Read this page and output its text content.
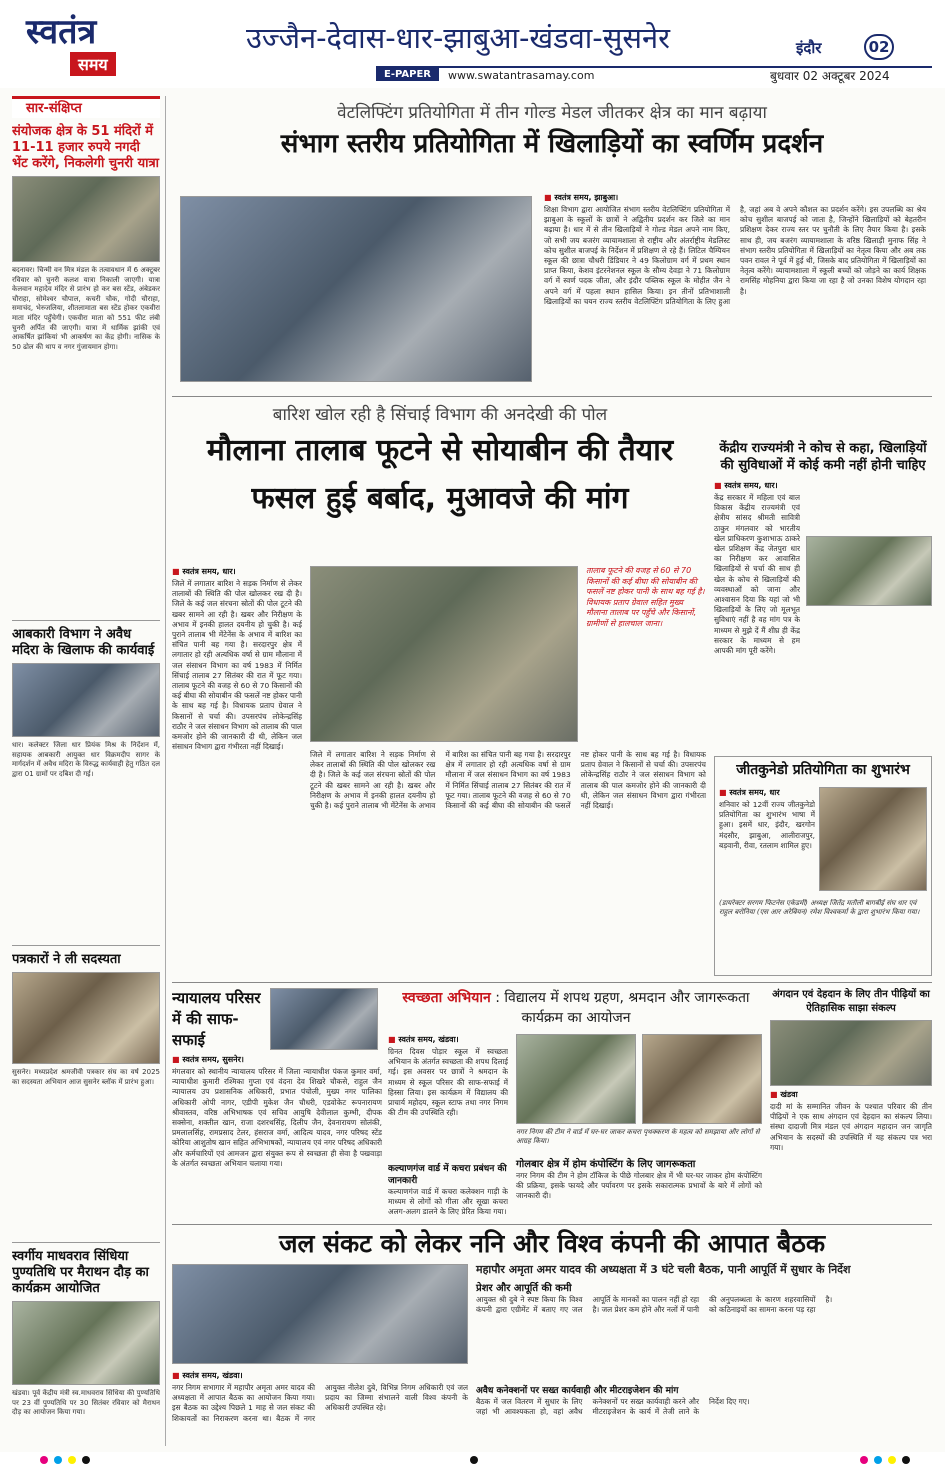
स्वतंत्र
समय
उज्जैन-देवास-धार-झाबुआ-खंडवा-सुसनेर	इंदौर	02
E-PAPER	www.swatantrasamay.com	बुधवार 02 अक्टूबर 2024
सार-संक्षिप्त
संयोजक क्षेत्र के 51 मंदिरों में 11-11 हजार रुपये नगदी भेंट करेंगे, निकलेगी चुनरी यात्रा
बदनावर। चिन्मी वन मित्र मंडल के तत्वावधान में 6 अक्टूबर रविवार को चुनरी कलश यात्रा निकाली जाएगी। यात्रा केलवान महादेव मंदिर से प्रारंभ हो कर बस स्टेंड, अंबेडकर चौराहा, सोमेश्वर चौपाल, कचरी चौक, गोदी चौराहा, समाचंद, भेरुजलिया, शीतलामाता बस स्टेंड होकर एकवीरा माता मंदिर पहुँचेगी। एकवीरा माता को 551 फीट लंबी चुनरी अर्पित की जाएगी। यात्रा में धार्मिक झांकी एवं आकर्षित झांकियां भी आकर्षण का केंद्र होगी। नासिक के 50 ढोल की थाप व नगर गुंजायमान होगा।
आबकारी विभाग ने अवैध मदिरा के खिलाफ की कार्यवाई
धार। कलेक्टर जिला धार प्रियंक मिश्र के निर्देशन में, सहायक आबकारी आयुक्त धार विक्रमदीप सागर के मार्गदर्शन में अवैध मदिरा के विरुद्ध कार्यवाही हेतु गठित दल द्वारा 01 ग्रामों पर दबिश दी गई।
पत्रकारों ने ली सदस्यता
सुसनेर। मध्यप्रदेश श्रमजीवी पत्रकार संघ का वर्ष 2025 का सदस्यता अभियान आज सुसनेर ब्लॉक में प्रारंभ हुआ।
स्वर्गीय माधवराव सिंधिया पुण्यतिथि पर मैराथन दौड़ का कार्यक्रम आयोजित
खंडवा। पूर्व केंद्रीय मंत्री स्व.माधवराव सिंधिया की पुण्यतिथि पर 23 वीं पुण्यतिथि पर 30 सितंबर रविवार को मैराथन दौड़ का आयोजन किया गया।
वेटलिफ्टिंग प्रतियोगिता में तीन गोल्ड मेडल जीतकर क्षेत्र का मान बढ़ाया
संभाग स्तरीय प्रतियोगिता में खिलाड़ियों का स्वर्णिम प्रदर्शन
■ स्वतंत्र समय, झाबुआ।
शिक्षा विभाग द्वारा आयोजित संभाग स्तरीय वेटलिफ्टिंग प्रतियोगिता में झाबुआ के स्कूलों के छात्रों ने अद्वितीय प्रदर्शन कर जिले का मान बढ़ाया है। धार में से तीन खिलाड़ियों ने गोल्ड मेडल अपने नाम किए, जो सभी जय बजरंग व्यायामशाला से राष्ट्रीय और अंतर्राष्ट्रीय मेडलिस्ट कोच सुशील बाजपई के निर्देशन में प्रशिक्षण ले रहे हैं। लिटिल चैम्पियन स्कूल की छात्रा चौधरी डिंडियार ने 49 किलोग्राम वर्ग में प्रथम स्थान प्राप्त किया, केशव इंटरनेशनल स्कूल के सौम्य देवड़ा ने 71 किलोग्राम वर्ग में स्वर्ण पदक जीता, और इंदौर पब्लिक स्कूल के मोहीत जैन ने अपने वर्ग में पहला स्थान हासिल किया। इन तीनों प्रतिभाशाली खिलाड़ियों का चयन राज्य स्तरीय वेटलिफ्टिंग प्रतियोगिता के लिए हुआ है, जहां अब वे अपने कौशल का प्रदर्शन करेंगे। इस उपलब्धि का श्रेय कोच सुशील बाजपई को जाता है, जिन्होंने खिलाड़ियों को बेहतरीन प्रशिक्षण देकर राज्य स्तर पर चुनौती के लिए तैयार किया है। इसके साथ ही, जय बजरंग व्यायामशाला के वरिष्ठ खिलाड़ी मुनाफ सिंह ने संभाग स्तरीय प्रतियोगिता में खिलाड़ियों का नेतृत्व किया और अब तक पवन रावल ने पूर्व में हुई थी, जिसके बाद प्रतियोगिता में खिलाड़ियों का नेतृत्व करेंगे। व्यायामशाला में स्कूली बच्चों को जोड़ने का कार्य शिक्षक रामसिंह मोहनिया द्वारा किया जा रहा है जो उनका विशेष योगदान रहा है।
बारिश खोल रही है सिंचाई विभाग की अनदेखी की पोल
मौलाना तालाब फूटने से सोयाबीन की तैयार फसल हुई बर्बाद, मुआवजे की मांग
■ स्वतंत्र समय, धार।
जिले में लगातार बारिश ने सड़क निर्माण से लेकर तालाबों की स्थिति की पोल खोलकर रख दी है। जिले के कई जल संरचना स्रोतों की पोल टूटने की खबर सामने आ रही है। खबर और निरीक्षण के अभाव में इनकी हालत दयनीय हो चुकी है। कई पुराने तालाब भी मेंटेनेंस के अभाव में बारिश का संचित पानी बह गया है। सरदारपुर क्षेत्र में लगातार हो रही अत्यधिक वर्षा से ग्राम मौलाना में जल संसाधन विभाग का वर्ष 1983 में निर्मित सिंचाई तालाब 27 सितंबर की रात में फूट गया। तालाब फूटने की वजह से 60 से 70 किसानों की कई बीघा की सोयाबीन की फसलें नष्ट होकर पानी के साथ बह गई है। विधायक प्रताप ग्रेवाल ने किसानों से चर्चा की। उपसरपंच लोकेन्द्रसिंह राठौर ने जल संसाधन विभाग को तालाब की पाल कमजोर होने की जानकारी दी थी, लेकिन जल संसाधन विभाग द्वारा गंभीरता नहीं दिखाई।
तालाब फूटने की वजह से 60 से 70 किसानों की कई बीघा की सोयाबीन की फसलें नष्ट होकर पानी के साथ बह गई है। विधायक प्रताप ग्रेवाल सहित मुख्य मौलाना तालाब पर पहुँचे और किसानों, ग्रामीणों से हालचाल जाना।
जिले में लगातार बारिश ने सड़क निर्माण से लेकर तालाबों की स्थिति की पोल खोलकर रख दी है। जिले के कई जल संरचना स्रोतों की पोल टूटने की खबर सामने आ रही है। खबर और निरीक्षण के अभाव में इनकी हालत दयनीय हो चुकी है। कई पुराने तालाब भी मेंटेनेंस के अभाव में बारिश का संचित पानी बह गया है। सरदारपुर क्षेत्र में लगातार हो रही अत्यधिक वर्षा से ग्राम मौलाना में जल संसाधन विभाग का वर्ष 1983 में निर्मित सिंचाई तालाब 27 सितंबर की रात में फूट गया। तालाब फूटने की वजह से 60 से 70 किसानों की कई बीघा की सोयाबीन की फसलें नष्ट होकर पानी के साथ बह गई है। विधायक प्रताप ग्रेवाल ने किसानों से चर्चा की। उपसरपंच लोकेन्द्रसिंह राठौर ने जल संसाधन विभाग को तालाब की पाल कमजोर होने की जानकारी दी थी, लेकिन जल संसाधन विभाग द्वारा गंभीरता नहीं दिखाई।
केंद्रीय राज्यमंत्री ने कोच से कहा, खिलाड़ियों की सुविधाओं में कोई कमी नहीं होनी चाहिए
■ स्वतंत्र समय, धार।
केंद्र सरकार में महिला एवं बाल विकास केंद्रीय राज्यमंत्री एवं क्षेत्रीय सांसद श्रीमती सावित्री ठाकुर मंगलवार को भारतीय खेल प्राधिकरण कुशाभाऊ ठाकरे खेल प्रशिक्षण केंद्र जेतपुरा धार का निरीक्षण कर आवासित खिलाड़ियों से चर्चा की साथ ही खेल के कोच से खिलाड़ियों की व्यवस्थाओं को जाना और आश्वासन दिया कि यहां जो भी खिलाड़ियों के लिए जो मूलभूत सुविधाएं नहीं है वह मांग पत्र के माध्यम से मुझे दें मैं शीघ्र ही केंद्र सरकार के माध्यम से हम आपकी मांग पूरी करेंगे।
जीतकुनेडो प्रतियोगिता का शुभारंभ
■ स्वतंत्र समय, धार
शनिवार को 12वीं राज्य जीतकुनेडो प्रतियोगिता का शुभारंभ भाषा में हुआ। इसमें धार, इंदौर, खरगोन मंदसौर, झाबुआ, आलीराजपुर, बड़वानी, रीवा, रतलाम शामिल हुए।
(डायरेक्टर सरगम फिटनेस एकेडमी) अध्यक्ष जितेंद्र मतौली बागबीई संघ धार एवं राहुल बरोनिया (एस आर अरेबियन) रमेश विश्वकर्मा के द्वारा शुभारंभ किया गया।
न्यायालय परिसर में की साफ-सफाई
■ स्वतंत्र समय, सुसनेर।
मंगलवार को स्थानीय न्यायालय परिसर में जिला न्यायाधीश पंकज कुमार वर्मा, न्यायाधीश कुमारी रश्मिका गुप्ता एवं वंदना देव शिखरे चौकसे, राहुल जैन न्यायालय उप प्रशासनिक अधिकारी, प्रभात पंचोली, मुख्य नगर पालिका अधिकारी ओपी नागर, एडीपी मुकेश जैन चौधरी, एडवोकेट रूपनारायण श्रीवास्तव, वरिष्ठ अभिभाषक एवं सचिव आयुषि देवीलाल कुम्भी, दीपक सक्सेना, शक्तील खान, राजा दशरथसिंह, दिलीप जैन, देवनारायण सोलंकी, प्रमलालसिंह, रामप्रसाद टेलर, हंसराज वर्मा, आदित्य यादव, नगर परिषद स्टेंड कोरिया आशुतोष खान सहित अभिभाषकों, न्यायालय एवं नगर परिषद अधिकारी और कर्मचारियों एवं आमजन द्वारा संयुक्त रूप से स्वच्छता ही सेवा है पखवाड़ा के अंतर्गत स्वच्छता अभियान चलाया गया।
स्वच्छता अभियान : विद्यालय में शपथ ग्रहण, श्रमदान और जागरूकता कार्यक्रम का आयोजन
■ स्वतंत्र समय, खंडवा।
ग्रिनत दिवस पोड़ार स्कूल में स्वच्छता अभियान के अंतर्गत स्वच्छता की शपथ दिलाई गई। इस अवसर पर छात्रों ने श्रमदान के माध्यम से स्कूल परिसर की साफ-सफाई में हिस्सा लिया। इस कार्यक्रम में विद्यालय की प्राचार्य महोदय, स्कूल स्टाफ तथा नगर निगम की टीम की उपस्थिति रही।
कल्याणगंज वार्ड में कचरा प्रबंधन की जानकारी
कल्याणगंज वार्ड में कचरा कलेक्शन गाड़ी के माध्यम से लोगों को गीला और सूखा कचरा अलग-अलग डालने के लिए प्रेरित किया गया।
नगर निगम की टीम ने वार्ड में घर-घर जाकर कचरा पृथक्करण के महत्व को समझाया और लोगों से आग्रह किया।
गोलबार क्षेत्र में होम कंपोस्टिंग के लिए जागरूकता
नगर निगम की टीम ने होम टॉकिज के पीछे गोलबार क्षेत्र में भी घर-घर जाकर होम कंपोस्टिंग की प्रक्रिया, इसके फायदे और पर्यावरण पर इसके सकारात्मक प्रभावों के बारे में लोगों को जानकारी दी।
अंगदान एवं देहदान के लिए तीन पीढ़ियों का ऐतिहासिक साझा संकल्प
■ खंडवा
दादी मां के सम्मानित जीवन के पश्चात परिवार की तीन पीढ़ियों ने एक साथ अंगदान एवं देहदान का संकल्प लिया। संस्था दादाजी मित्र मंडल एवं अंगदान महादान जन जागृति अभियान के सदस्यों की उपस्थिति में यह संकल्प पत्र भरा गया।
जल संकट को लेकर ननि और विश्व कंपनी की आपात बैठक
महापौर अमृता अमर यादव की अध्यक्षता में 3 घंटे चली बैठक, पानी आपूर्ति में सुधार के निर्देश
■ स्वतंत्र समय, खंडवा।
नगर निगम सभागार में महापौर अमृता अमर यादव की अध्यक्षता में आपात बैठक का आयोजन किया गया। इस बैठक का उद्देश्य पिछले 1 माह से जल संकट की शिकायतों का निराकरण करना था। बैठक में नगर आयुक्त नीलेश दुबे, विभिन्न निगम अधिकारी एवं जल प्रदाय का जिम्मा संभालने वाली विश्व कंपनी के अधिकारी उपस्थित रहे।
प्रेशर और आपूर्ति की कमी
आयुक्त श्री दुबे ने स्पष्ट किया कि विश्व कंपनी द्वारा एग्रीमेंट में बताए गए जल आपूर्ति के मानकों का पालन नहीं हो रहा है। जल प्रेशर कम होने और नलों में पानी की अनुपलब्धता के कारण शहरवासियों को कठिनाइयों का सामना करना पड़ रहा है।
अवैध कनेक्शनों पर सख्त कार्यवाही और मीटराइजेशन की मांग
बैठक में जल वितरण में सुधार के लिए जहां भी आवश्यकता हो, वहां अवैध कनेक्शनों पर सख्त कार्यवाही करने और मीटराइजेशन के कार्य में तेजी लाने के निर्देश दिए गए।
